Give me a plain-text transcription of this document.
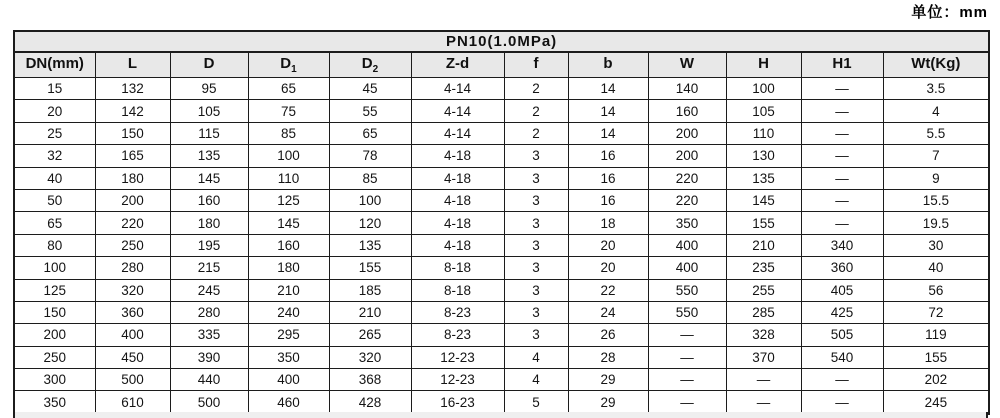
单位：mm
PN10(1.0MPa)											
DN(mm)	L	D	$D_1$	$D_2$	Z-d	f	b	W	H	H1	Wt(Kg)
15	132	95	65	45	4-14	2	14	140	100	—	3.5
20	142	105	75	55	4-14	2	14	160	105	—	4
25	150	115	85	65	4-14	2	14	200	110	—	5.5
32	165	135	100	78	4-18	3	16	200	130	—	7
40	180	145	110	85	4-18	3	16	220	135	—	9
50	200	160	125	100	4-18	3	16	220	145	—	15.5
65	220	180	145	120	4-18	3	18	350	155	—	19.5
80	250	195	160	135	4-18	3	20	400	210	340	30
100	280	215	180	155	8-18	3	20	400	235	360	40
125	320	245	210	185	8-18	3	22	550	255	405	56
150	360	280	240	210	8-23	3	24	550	285	425	72
200	400	335	295	265	8-23	3	26	—	328	505	119
250	450	390	350	320	12-23	4	28	—	370	540	155
300	500	440	400	368	12-23	4	29	—	—	—	202
350	610	500	460	428	16-23	5	29	—	—	—	245
